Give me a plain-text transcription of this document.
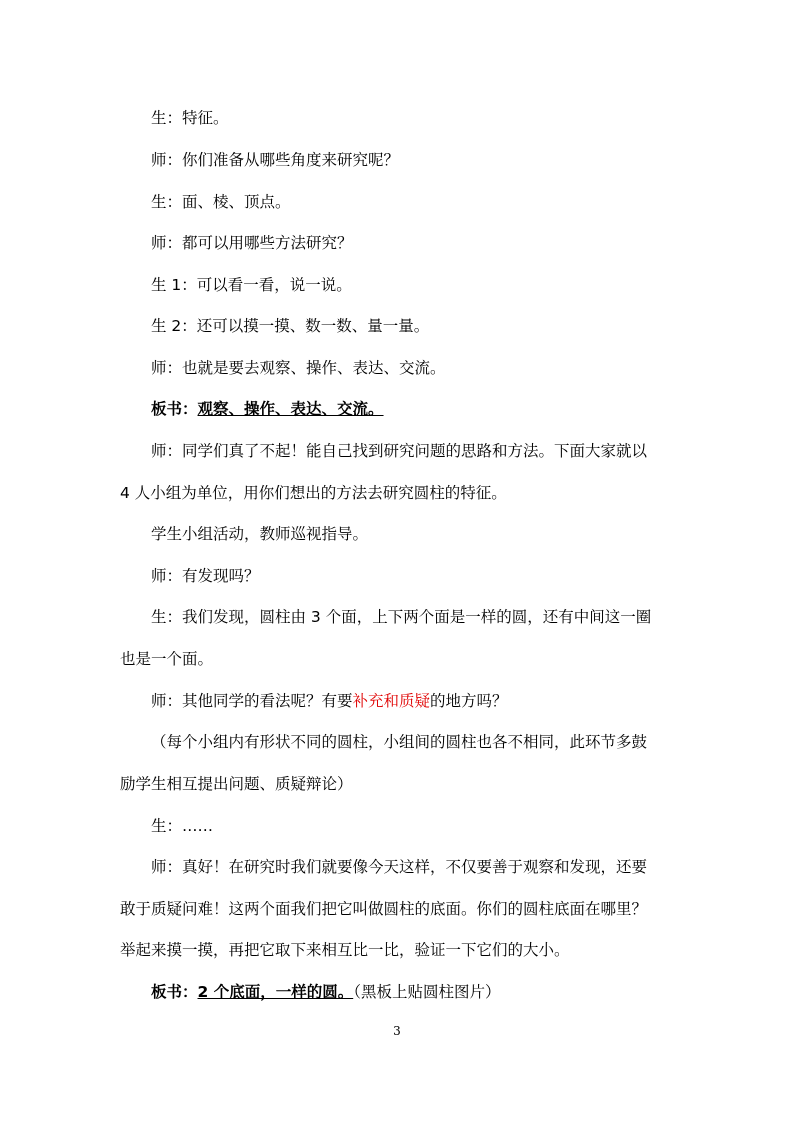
生：特征。
师：你们准备从哪些角度来研究呢？
生：面、棱、顶点。
师：都可以用哪些方法研究？
生 1：可以看一看，说一说。
生 2：还可以摸一摸、数一数、量一量。
师：也就是要去观察、操作、表达、交流。
板书：观察、操作、表达、交流。
师：同学们真了不起！能自己找到研究问题的思路和方法。下面大家就以
4 人小组为单位，用你们想出的方法去研究圆柱的特征。
学生小组活动，教师巡视指导。
师：有发现吗？
生：我们发现，圆柱由 3 个面，上下两个面是一样的圆，还有中间这一圈
也是一个面。
师：其他同学的看法呢？有要补充和质疑的地方吗？
（每个小组内有形状不同的圆柱，小组间的圆柱也各不相同，此环节多鼓
励学生相互提出问题、质疑辩论）
生：……
师：真好！在研究时我们就要像今天这样，不仅要善于观察和发现，还要
敢于质疑问难！这两个面我们把它叫做圆柱的底面。你们的圆柱底面在哪里？
举起来摸一摸，再把它取下来相互比一比，验证一下它们的大小。
板书：2 个底面，一样的圆。（黑板上贴圆柱图片）
3
